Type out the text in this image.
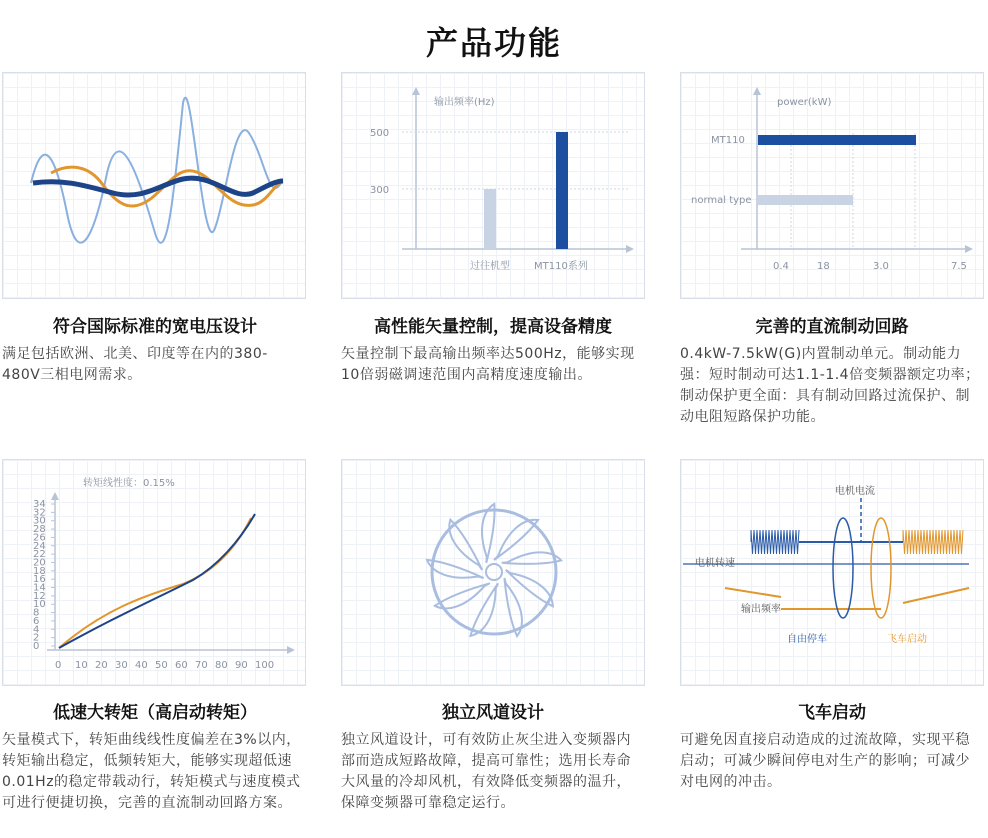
产品功能
符合国际标准的宽电压设计
满足包括欧洲、北美、印度等在内的380-480V三相电网需求。
输出频率(Hz)
500
300
过往机型 MT110系列
高性能矢量控制，提高设备精度
矢量控制下最高输出频率达500Hz，能够实现10倍弱磁调速范围内高精度速度输出。
power(kW)
MT110
normal type
0.4	18	3.0	7.5
完善的直流制动回路
0.4kW-7.5kW(G)内置制动单元。制动能力强：短时制动可达1.1-1.4倍变频器额定功率；制动保护更全面：具有制动回路过流保护、制动电阻短路保护功能。
转矩线性度：0.15%
34
32
30
28
26
24
22
20
18
16
14
12
10
8
6
4
2
0
0 10 20 30 40 50 60 70 80 90 100
低速大转矩（高启动转矩）
矢量模式下，转矩曲线线性度偏差在3%以内，转矩输出稳定，低频转矩大，能够实现超低速0.01Hz的稳定带载动行，转矩模式与速度模式可进行便捷切换，完善的直流制动回路方案。
独立风道设计
独立风道设计，可有效防止灰尘进入变频器内部而造成短路故障，提高可靠性；选用长寿命大风量的冷却风机，有效降低变频器的温升，保障变频器可靠稳定运行。
电机电流
电机转速
输出频率
自由停车	飞车启动
飞车启动
可避免因直接启动造成的过流故障，实现平稳启动；可减少瞬间停电对生产的影响；可减少对电网的冲击。
